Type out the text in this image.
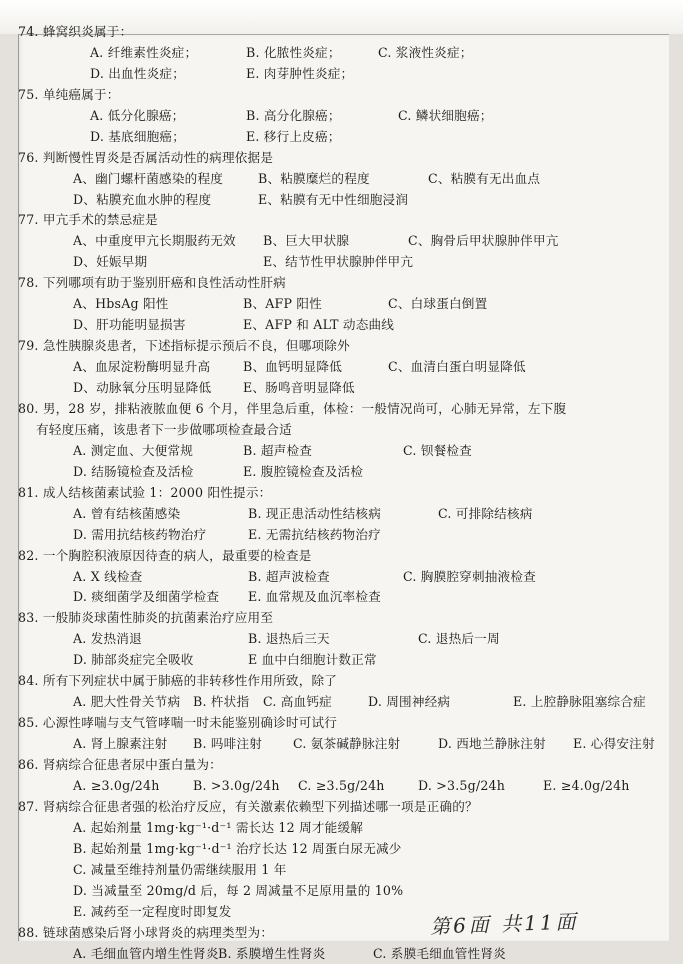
74. 蜂窝织炎属于：
A. 纤维素性炎症；	B. 化脓性炎症；	C. 浆液性炎症；
D. 出血性炎症；	E. 肉芽肿性炎症；
75. 单纯癌属于：
A. 低分化腺癌；	B. 高分化腺癌；	C. 鳞状细胞癌；
D. 基底细胞癌；	E. 移行上皮癌；
76. 判断慢性胃炎是否属活动性的病理依据是
A、幽门螺杆菌感染的程度	B、粘膜糜烂的程度	C、粘膜有无出血点
D、粘膜充血水肿的程度	E、粘膜有无中性细胞浸润
77. 甲亢手术的禁忌症是
A、中重度甲亢长期服药无效 B、巨大甲状腺	C、胸骨后甲状腺肿伴甲亢
D、妊娠早期	E、结节性甲状腺肿伴甲亢
78. 下列哪项有助于鉴别肝癌和良性活动性肝病
A、HbsAg 阳性	B、AFP 阳性	C、白球蛋白倒置
D、肝功能明显损害	E、AFP 和 ALT 动态曲线
79. 急性胰腺炎患者，下述指标提示预后不良，但哪项除外
A、血尿淀粉酶明显升高	B、血钙明显降低	C、血清白蛋白明显降低
D、动脉氧分压明显降低	E、肠鸣音明显降低
80. 男，28 岁，排粘液脓血便 6 个月，伴里急后重，体检：一般情况尚可，心肺无异常，左下腹
有轻度压痛，该患者下一步做哪项检查最合适
A. 测定血、大便常规	B. 超声检查	C. 钡餐检查
D. 结肠镜检查及活检	E. 腹腔镜检查及活检
81. 成人结核菌素试验 1：2000 阳性提示：
A. 曾有结核菌感染	B. 现正患活动性结核病	C. 可排除结核病
D. 需用抗结核药物治疗	E. 无需抗结核药物治疗
82. 一个胸腔积液原因待查的病人，最重要的检查是
A. X 线检查	B. 超声波检查	C. 胸膜腔穿刺抽液检查
D. 痰细菌学及细菌学检查 E. 血常规及血沉率检查
83. 一般肺炎球菌性肺炎的抗菌素治疗应用至
A. 发热消退	B. 退热后三天	C. 退热后一周
D. 肺部炎症完全吸收	E 血中白细胞计数正常
84. 所有下列症状中属于肺癌的非转移性作用所致，除了
A. 肥大性骨关节病 B. 杵状指 C. 高血钙症	D. 周围神经病	E. 上腔静脉阻塞综合症
85. 心源性哮喘与支气管哮喘一时未能鉴别确诊时可试行
A. 肾上腺素注射 B. 吗啡注射 C. 氨茶碱静脉注射	D. 西地兰静脉注射 E. 心得安注射
86. 肾病综合征患者尿中蛋白量为：
A. ≥3.0g/24h	B. >3.0g/24h C. ≥3.5g/24h	D. >3.5g/24h	E. ≥4.0g/24h
87. 肾病综合征患者强的松治疗反应，有关激素依赖型下列描述哪一项是正确的？
A. 起始剂量 1mg·kg⁻¹·d⁻¹ 需长达 12 周才能缓解
B. 起始剂量 1mg·kg⁻¹·d⁻¹ 治疗长达 12 周蛋白尿无减少
C. 减量至维持剂量仍需继续服用 1 年
D. 当减量至 20mg/d 后，每 2 周减量不足原用量的 10%
E. 减药至一定程度时即复发
88. 链球菌感染后肾小球肾炎的病理类型为：
A. 毛细血管内增生性肾炎 B. 系膜增生性肾炎	C. 系膜毛细血管性肾炎
第6面 共11面
